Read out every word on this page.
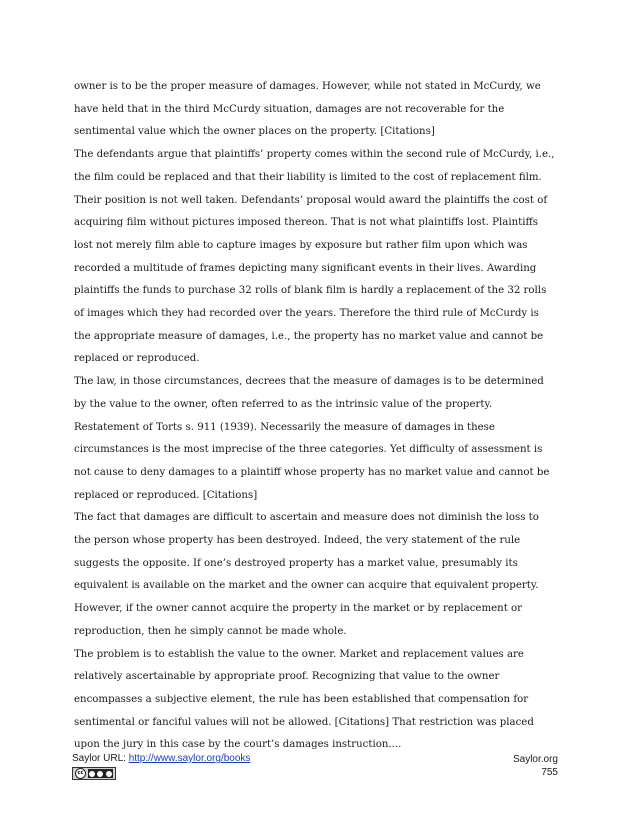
owner is to be the proper measure of damages. However, while not stated in McCurdy, we have held that in the third McCurdy situation, damages are not recoverable for the sentimental value which the owner places on the property. [Citations]

The defendants argue that plaintiffs’ property comes within the second rule of McCurdy, i.e., the film could be replaced and that their liability is limited to the cost of replacement film. Their position is not well taken. Defendants’ proposal would award the plaintiffs the cost of acquiring film without pictures imposed thereon. That is not what plaintiffs lost. Plaintiffs lost not merely film able to capture images by exposure but rather film upon which was recorded a multitude of frames depicting many significant events in their lives. Awarding plaintiffs the funds to purchase 32 rolls of blank film is hardly a replacement of the 32 rolls of images which they had recorded over the years. Therefore the third rule of McCurdy is the appropriate measure of damages, i.e., the property has no market value and cannot be replaced or reproduced.

The law, in those circumstances, decrees that the measure of damages is to be determined by the value to the owner, often referred to as the intrinsic value of the property. Restatement of Torts s. 911 (1939). Necessarily the measure of damages in these circumstances is the most imprecise of the three categories. Yet difficulty of assessment is not cause to deny damages to a plaintiff whose property has no market value and cannot be replaced or reproduced. [Citations]

The fact that damages are difficult to ascertain and measure does not diminish the loss to the person whose property has been destroyed. Indeed, the very statement of the rule suggests the opposite. If one’s destroyed property has a market value, presumably its equivalent is available on the market and the owner can acquire that equivalent property. However, if the owner cannot acquire the property in the market or by replacement or reproduction, then he simply cannot be made whole.

The problem is to establish the value to the owner. Market and replacement values are relatively ascertainable by appropriate proof. Recognizing that value to the owner encompasses a subjective element, the rule has been established that compensation for sentimental or fanciful values will not be allowed. [Citations] That restriction was placed upon the jury in this case by the court’s damages instruction....

Saylor URL: http://www.saylor.org/books
cc
Saylor.org
755
